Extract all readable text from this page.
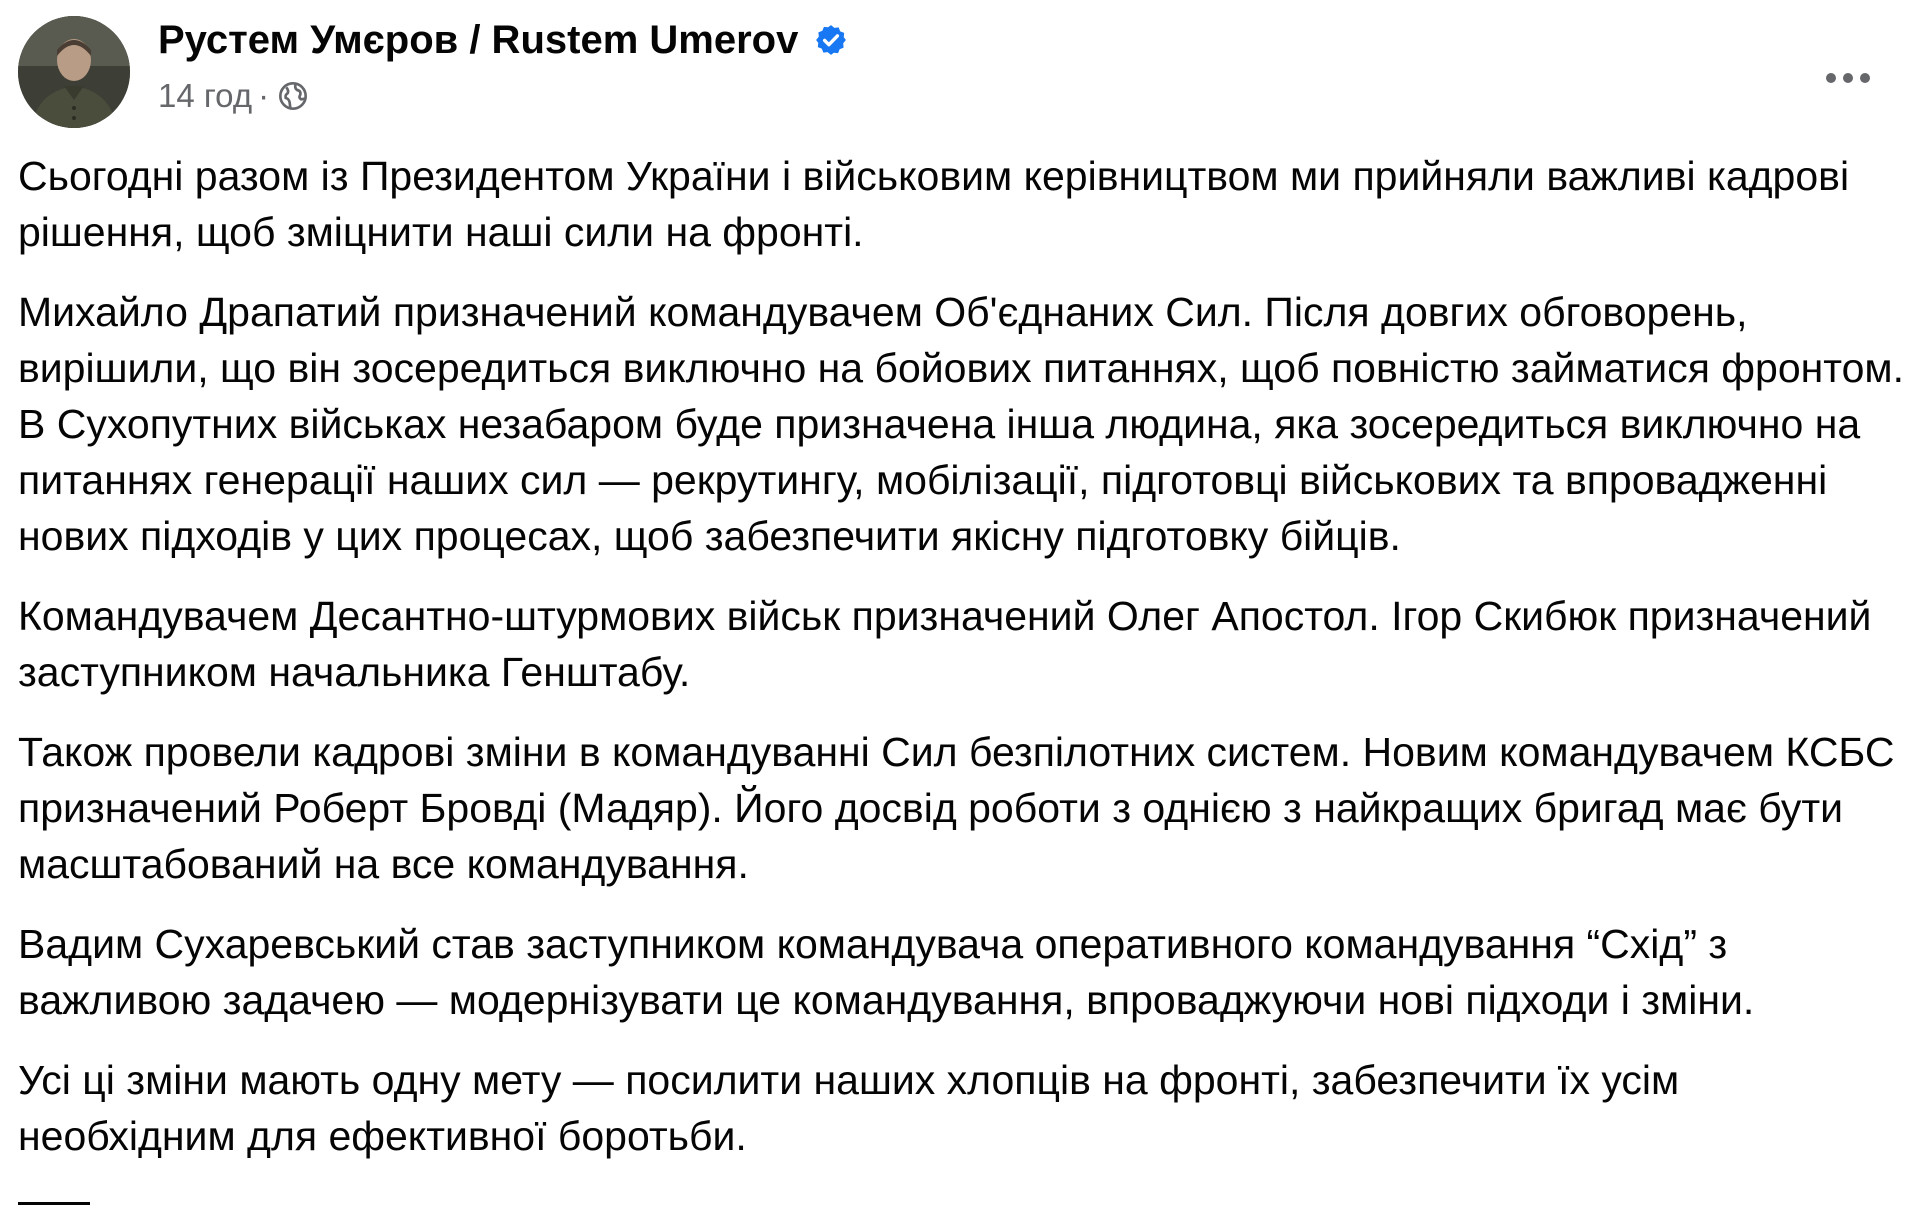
Рустем Умєров / Rustem Umerov
14 год ·

Сьогодні разом із Президентом України і військовим керівництвом ми прийняли важливі кадрові рішення, щоб зміцнити наші сили на фронті.

Михайло Драпатий призначений командувачем Об'єднаних Сил. Після довгих обговорень, вирішили, що він зосередиться виключно на бойових питаннях, щоб повністю займатися фронтом. В Сухопутних військах незабаром буде призначена інша людина, яка зосередиться виключно на питаннях генерації наших сил — рекрутингу, мобілізації, підготовці військових та впровадженні нових підходів у цих процесах, щоб забезпечити якісну підготовку бійців.

Командувачем Десантно-штурмових військ призначений Олег Апостол. Ігор Скибюк призначений заступником начальника Генштабу.

Також провели кадрові зміни в командуванні Сил безпілотних систем. Новим командувачем КСБС призначений Роберт Бровді (Мадяр). Його досвід роботи з однією з найкращих бригад має бути масштабований на все командування.

Вадим Сухаревський став заступником командувача оперативного командування “Схід” з важливою задачею — модернізувати це командування, впроваджуючи нові підходи і зміни.

Усі ці зміни мають одну мету — посилити наших хлопців на фронті, забезпечити їх усім необхідним для ефективної боротьби.
